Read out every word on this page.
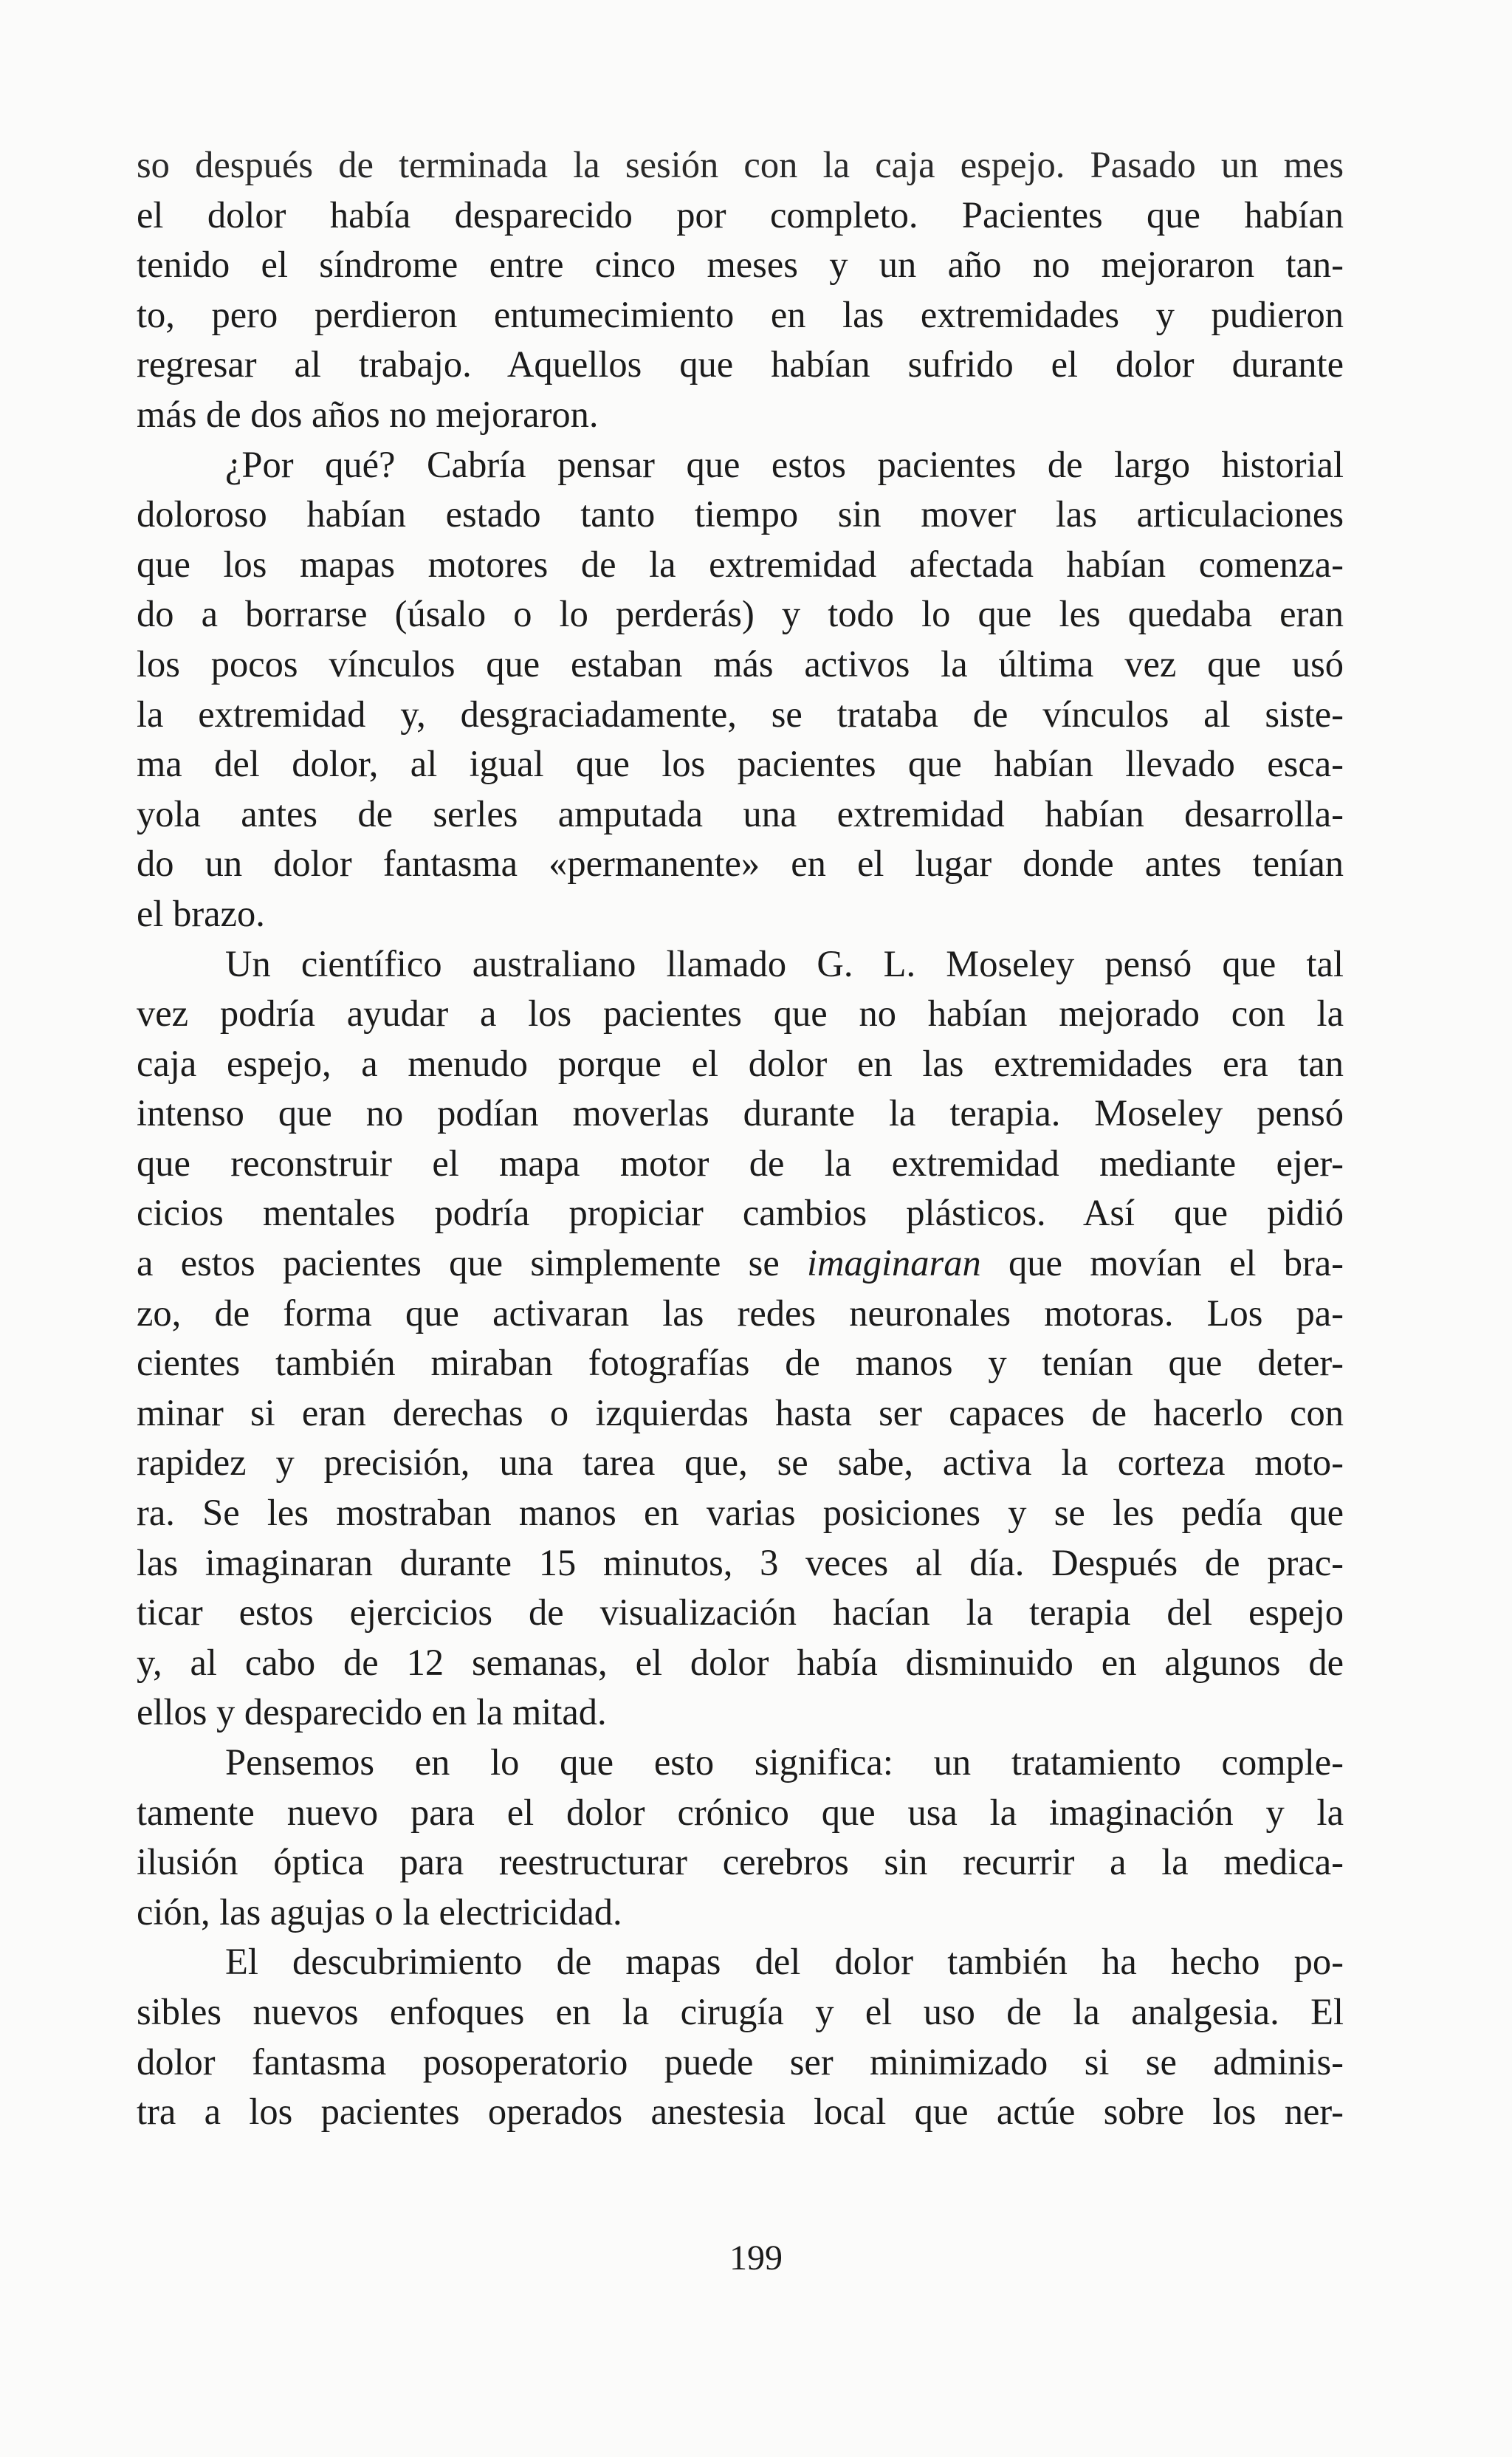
so después de terminada la sesión con la caja espejo. Pasado un mes
el dolor había desparecido por completo. Pacientes que habían
tenido el síndrome entre cinco meses y un año no mejoraron tan-
to, pero perdieron entumecimiento en las extremidades y pudieron
regresar al trabajo. Aquellos que habían sufrido el dolor durante
más de dos años no mejoraron.
¿Por qué? Cabría pensar que estos pacientes de largo historial
doloroso habían estado tanto tiempo sin mover las articulaciones
que los mapas motores de la extremidad afectada habían comenza-
do a borrarse (úsalo o lo perderás) y todo lo que les quedaba eran
los pocos vínculos que estaban más activos la última vez que usó
la extremidad y, desgraciadamente, se trataba de vínculos al siste-
ma del dolor, al igual que los pacientes que habían llevado esca-
yola antes de serles amputada una extremidad habían desarrolla-
do un dolor fantasma «permanente» en el lugar donde antes tenían
el brazo.
Un científico australiano llamado G. L. Moseley pensó que tal
vez podría ayudar a los pacientes que no habían mejorado con la
caja espejo, a menudo porque el dolor en las extremidades era tan
intenso que no podían moverlas durante la terapia. Moseley pensó
que reconstruir el mapa motor de la extremidad mediante ejer-
cicios mentales podría propiciar cambios plásticos. Así que pidió
a estos pacientes que simplemente se imaginaran que movían el bra-
zo, de forma que activaran las redes neuronales motoras. Los pa-
cientes también miraban fotografías de manos y tenían que deter-
minar si eran derechas o izquierdas hasta ser capaces de hacerlo con
rapidez y precisión, una tarea que, se sabe, activa la corteza moto-
ra. Se les mostraban manos en varias posiciones y se les pedía que
las imaginaran durante 15 minutos, 3 veces al día. Después de prac-
ticar estos ejercicios de visualización hacían la terapia del espejo
y, al cabo de 12 semanas, el dolor había disminuido en algunos de
ellos y desparecido en la mitad.
Pensemos en lo que esto significa: un tratamiento comple-
tamente nuevo para el dolor crónico que usa la imaginación y la
ilusión óptica para reestructurar cerebros sin recurrir a la medica-
ción, las agujas o la electricidad.
El descubrimiento de mapas del dolor también ha hecho po-
sibles nuevos enfoques en la cirugía y el uso de la analgesia. El
dolor fantasma posoperatorio puede ser minimizado si se adminis-
tra a los pacientes operados anestesia local que actúe sobre los ner-
199
